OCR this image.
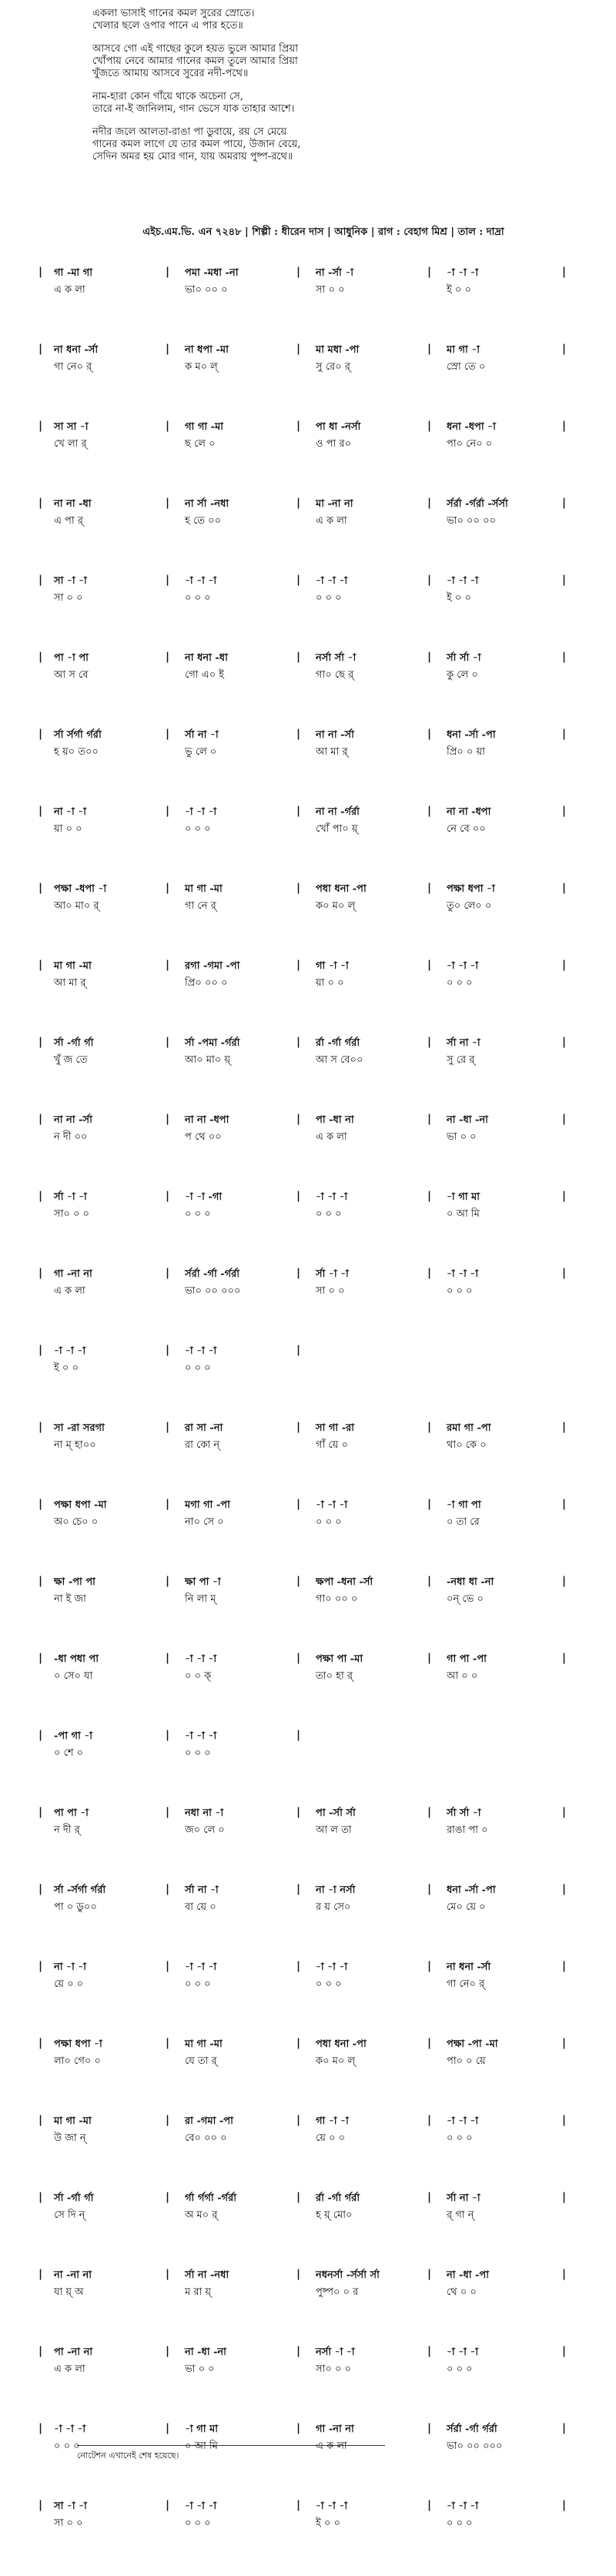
একলা ভাসাই গানের কমল সুরের স্রোতে।
খেলার ছলে ওপার পানে এ পার হতে॥
আসবে গো এই গাছের কুলে হয়ত ভুলে আমার প্রিয়া
খোঁপায় নেবে আমার গানের কমল তুলে আমার প্রিয়া
খুঁজতে আমায় আসবে সুরের নদী-পথে॥
নাম-হারা কোন গাঁয়ে থাকে অচেনা সে,
তারে না-ই জানিলাম, গান ভেসে যাক তাহার আশে।
নদীর জলে আলতা-রাঙা পা ডুবায়ে, রয় সে মেয়ে
গানের কমল লাগে যে তার কমল পায়ে, উজান বেয়ে,
সেদিন অমর হয় মোর গান, যায় অমরায় পুষ্প-রথে॥
এইচ.এম.ভি. এন ৭২৪৮ | শিল্পী : ধীরেন দাস | আধুনিক | রাগ : বেহাগ মিশ্র | তাল : দাদ্রা
গা -মা গা	পমা -মধা -না	না -র্সা -া	-া -া -া
|	|	|	|	|
এ ক লা	ভা০ ০০ ০	সা ০ ০	ই ০ ০
না ধনা -র্সা	না ধপা -মা	মা মধা -পা	মা গা -া
|	|	|	|	|
গা নে০ র্	ক ম০ ল্	সু রে০ র্	স্রো তে ০
সা সা -া	গা গা -মা	পা ধা -নর্সা	ধনা -ধপা -া
|	|	|	|	|
খে লা র্	ছ লে ০	ও পা র০	পা০ নে০ ০
না না -ধা	না র্সা -নধা	মা -না না	র্সর্রা -র্গর্রা -র্সর্সা
|	|	|	|	|
এ পা র্	হ তে ০০	এ ক লা	ভা০ ০০ ০০
সা -া -া	-া -া -া	-া -া -া	-া -া -া
|	|	|	|	|
সা ০ ০	০ ০ ০	০ ০ ০	ই ০ ০
পা -া পা	না ধনা -ধা	নর্সা র্সা -া	র্সা র্সা -া
|	|	|	|	|
আ স বে	গো এ০ ই	গা০ ছে র্	কু লে ০
র্সা র্সর্গা র্গর্রা	র্সা না -া	না না -র্সা	ধনা -র্সা -পা
|	|	|	|	|
হ য়০ ত০০	ভু লে ০	আ মা র্	প্রি০ ০ য়া
না -া -া	-া -া -া	না না -র্গর্রা	না না -ধপা
|	|	|	|	|
য়া ০ ০	০ ০ ০	খোঁ পা০ য়্	নে বে ০০
পক্ষা -ধপা -া	মা গা -মা	পধা ধনা -পা	পক্ষা ধপা -া
|	|	|	|	|
আ০ মা০ র্	গা নে র্	ক০ ম০ ল্	তু০ লে০ ০
মা গা -মা	রগা -গমা -পা	গা -া -া	-া -া -া
|	|	|	|	|
আ মা র্	প্রি০ ০০ ০	য়া ০ ০	০ ০ ০
র্সা -র্গা র্গা	র্সা -পমা -র্গর্রা	র্রা -র্গা র্গর্রা	র্সা না -া
|	|	|	|	|
খুঁ জ তে	আ০ মা০ য়্	আ স বে০০	সু রে র্
না না -র্সা	না না -ধপা	পা -ধা না	না -ধা -না
|	|	|	|	|
ন দী ০০	প থে ০০	এ ক লা	ভা ০ ০
র্সা -া -া	-া -া -গা	-া -া -া	-া গা মা
|	|	|	|	|
সা০ ০ ০	০ ০ ০	০ ০ ০	০ আ মি
গা -না না	র্সর্রা -র্গা -র্গর্রা	র্সা -া -া	-া -া -া
|	|	|	|	|
এ ক লা	ভা০ ০০ ০০০	সা ০ ০	০ ০ ০
-া -া -া	-া -া -া
|	|	|
ই ০ ০	০ ০ ০
সা -রা সরগা	রা সা -না	সা গা -রা	রমা গা -পা
|	|	|	|	|
না ম্ হা০০	রা কো ন্	গাঁ য়ে ০	থা০ কে ০
পক্ষা ধপা -মা	মগা গা -পা	-া -া -া	-া গা পা
|	|	|	|	|
অ০ চে০ ০	না০ সে ০	০ ০ ০	০ তা রে
ক্ষা -পা পা	ক্ষা পা -া	ক্ষপা -ধনা -র্সা	-নধা ধা -না
|	|	|	|	|
না ই জা	নি লা ম্	গা০ ০০ ০	০ন্ ভে ০
-ধা পধা পা	-া -া -া	পক্ষা পা -মা	গা পা -পা
|	|	|	|	|
০ সে০ যা	০ ০ ক্	তা০ হা র্	আ ০ ০
-পা গা -া	-া -া -া
|	|	|
০ শে ০	০ ০ ০
পা পা -া	নধা না -া	পা -র্সা র্সা	র্সা র্সা -া
|	|	|	|	|
ন দী র্	জ০ লে ০	আ ল তা	রাঙা পা ০
র্সা -র্সর্গা র্গর্রা	র্সা না -া	না -া নর্সা	ধনা -র্সা -পা
|	|	|	|	|
পা ০ ডু০০	বা য়ে ০	র য় সে০	মে০ য়ে ০
না -া -া	-া -া -া	-া -া -া	না ধনা -র্সা
|	|	|	|	|
য়ে ০ ০	০ ০ ০	০ ০ ০	গা নে০ র্
পক্ষা ধপা -া	মা গা -মা	পধা ধনা -পা	পক্ষা -পা -মা
|	|	|	|	|
লা০ গে০ ০	যে তা র্	ক০ ম০ ল্	পা০ ০ য়ে
মা গা -মা	রা -গমা -পা	গা -া -া	-া -া -া
|	|	|	|	|
উ জা ন্	বে০ ০০ ০	য়ে ০ ০	০ ০ ০
র্সা -র্গা র্গা	র্গা র্গর্গা -র্গর্রা	র্রা -র্গা র্গর্রা	র্সা না -া
|	|	|	|	|
সে দি ন্	অ ম০ র্	হ য়্ মো০	র্ গা ন্
না -না না	র্সা না -নধা	নধনর্সা -র্সর্সা র্সা	না -ধা -পা
|	|	|	|	|
যা য়্ অ	ম রা য়্	পুষ্প০ ০ র	থে ০ ০
পা -না না	না -ধা -না	নর্সা -া -া	-া -া -া
|	|	|	|	|
এ ক লা	ভা ০ ০	সা০ ০ ০	০ ০ ০
-া -া -া	-া গা মা	গা -না না	র্সর্রা -র্গা র্গর্রা
|	|	|	|	|
০ ০ ০	০ আ মি	এ ক লা	ভা০ ০০ ০০০
সা -া -া	-া -া -া	-া -া -া	-া -া -া
|	|	|	|	|
সা ০ ০	০ ০ ০	ই ০ ০	০ ০ ০
নোটেশন এখানেই শেষ হয়েছে।
